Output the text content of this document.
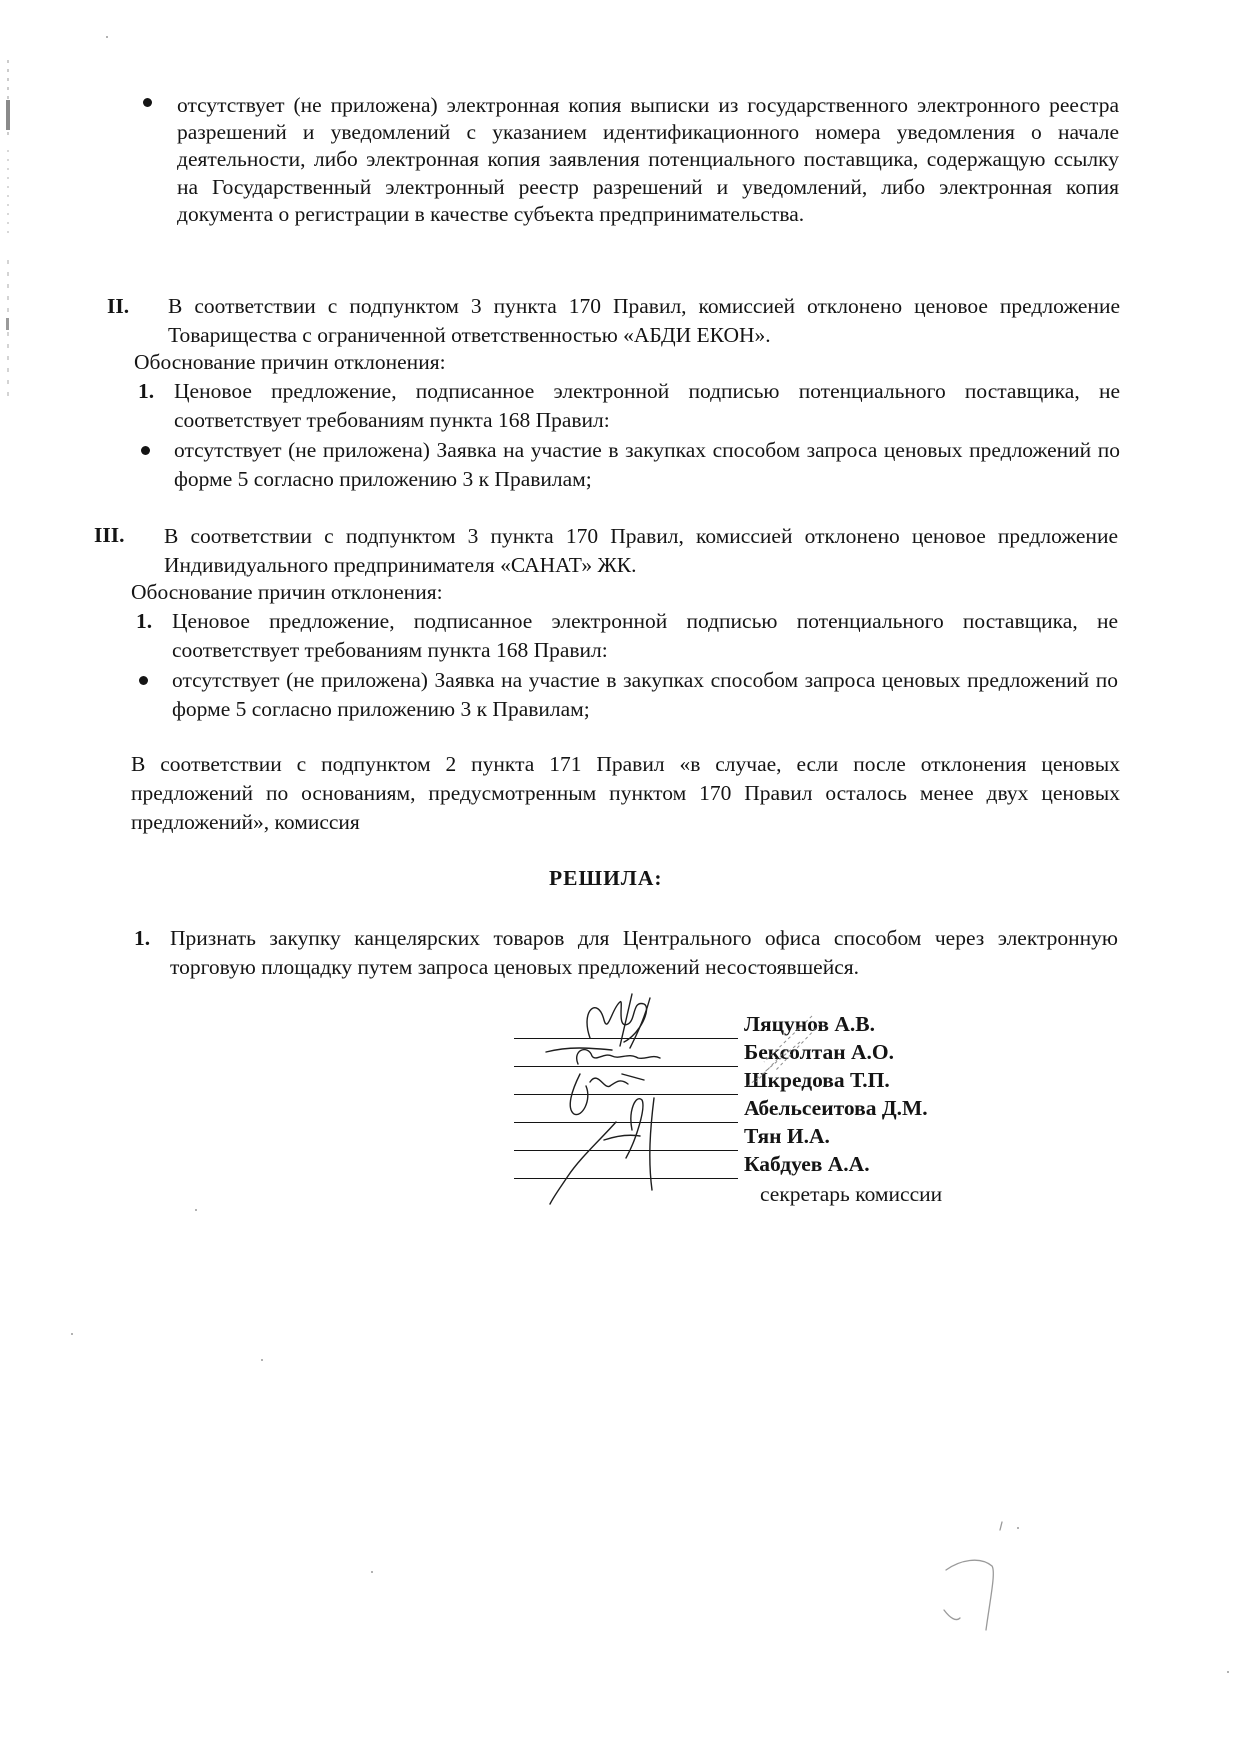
отсутствует (не приложена) электронная копия выписки из государственного электронного реестра разрешений и уведомлений с указанием идентификационного номера уведомления о начале деятельности, либо электронная копия заявления потенциального поставщика, содержащую ссылку на Государственный электронный реестр разрешений и уведомлений, либо электронная копия документа о регистрации в качестве субъекта предпринимательства.
II. В соответствии с подпунктом 3 пункта 170 Правил, комиссией отклонено ценовое предложение Товарищества с ограниченной ответственностью «АБДИ ЕКОН».
Обоснование причин отклонения:
1. Ценовое предложение, подписанное электронной подписью потенциального поставщика, не соответствует требованиям пункта 168 Правил:
отсутствует (не приложена) Заявка на участие в закупках способом запроса ценовых предложений по форме 5 согласно приложению 3 к Правилам;
III. В соответствии с подпунктом 3 пункта 170 Правил, комиссией отклонено ценовое предложение Индивидуального предпринимателя «САНАТ» ЖК.
Обоснование причин отклонения:
1. Ценовое предложение, подписанное электронной подписью потенциального поставщика, не соответствует требованиям пункта 168 Правил:
отсутствует (не приложена) Заявка на участие в закупках способом запроса ценовых предложений по форме 5 согласно приложению 3 к Правилам;
В соответствии с подпунктом 2 пункта 171 Правил «в случае, если после отклонения ценовых предложений по основаниям, предусмотренным пунктом 170 Правил осталось менее двух ценовых предложений», комиссия
РЕШИЛА:
1. Признать закупку канцелярских товаров для Центрального офиса способом через электронную торговую площадку путем запроса ценовых предложений несостоявшейся.
Ляцунов А.В.
Бексолтан А.О.
Шкредова Т.П.
Абельсеитова Д.М.
Тян И.А.
Кабдуев А.А.
секретарь комиссии
